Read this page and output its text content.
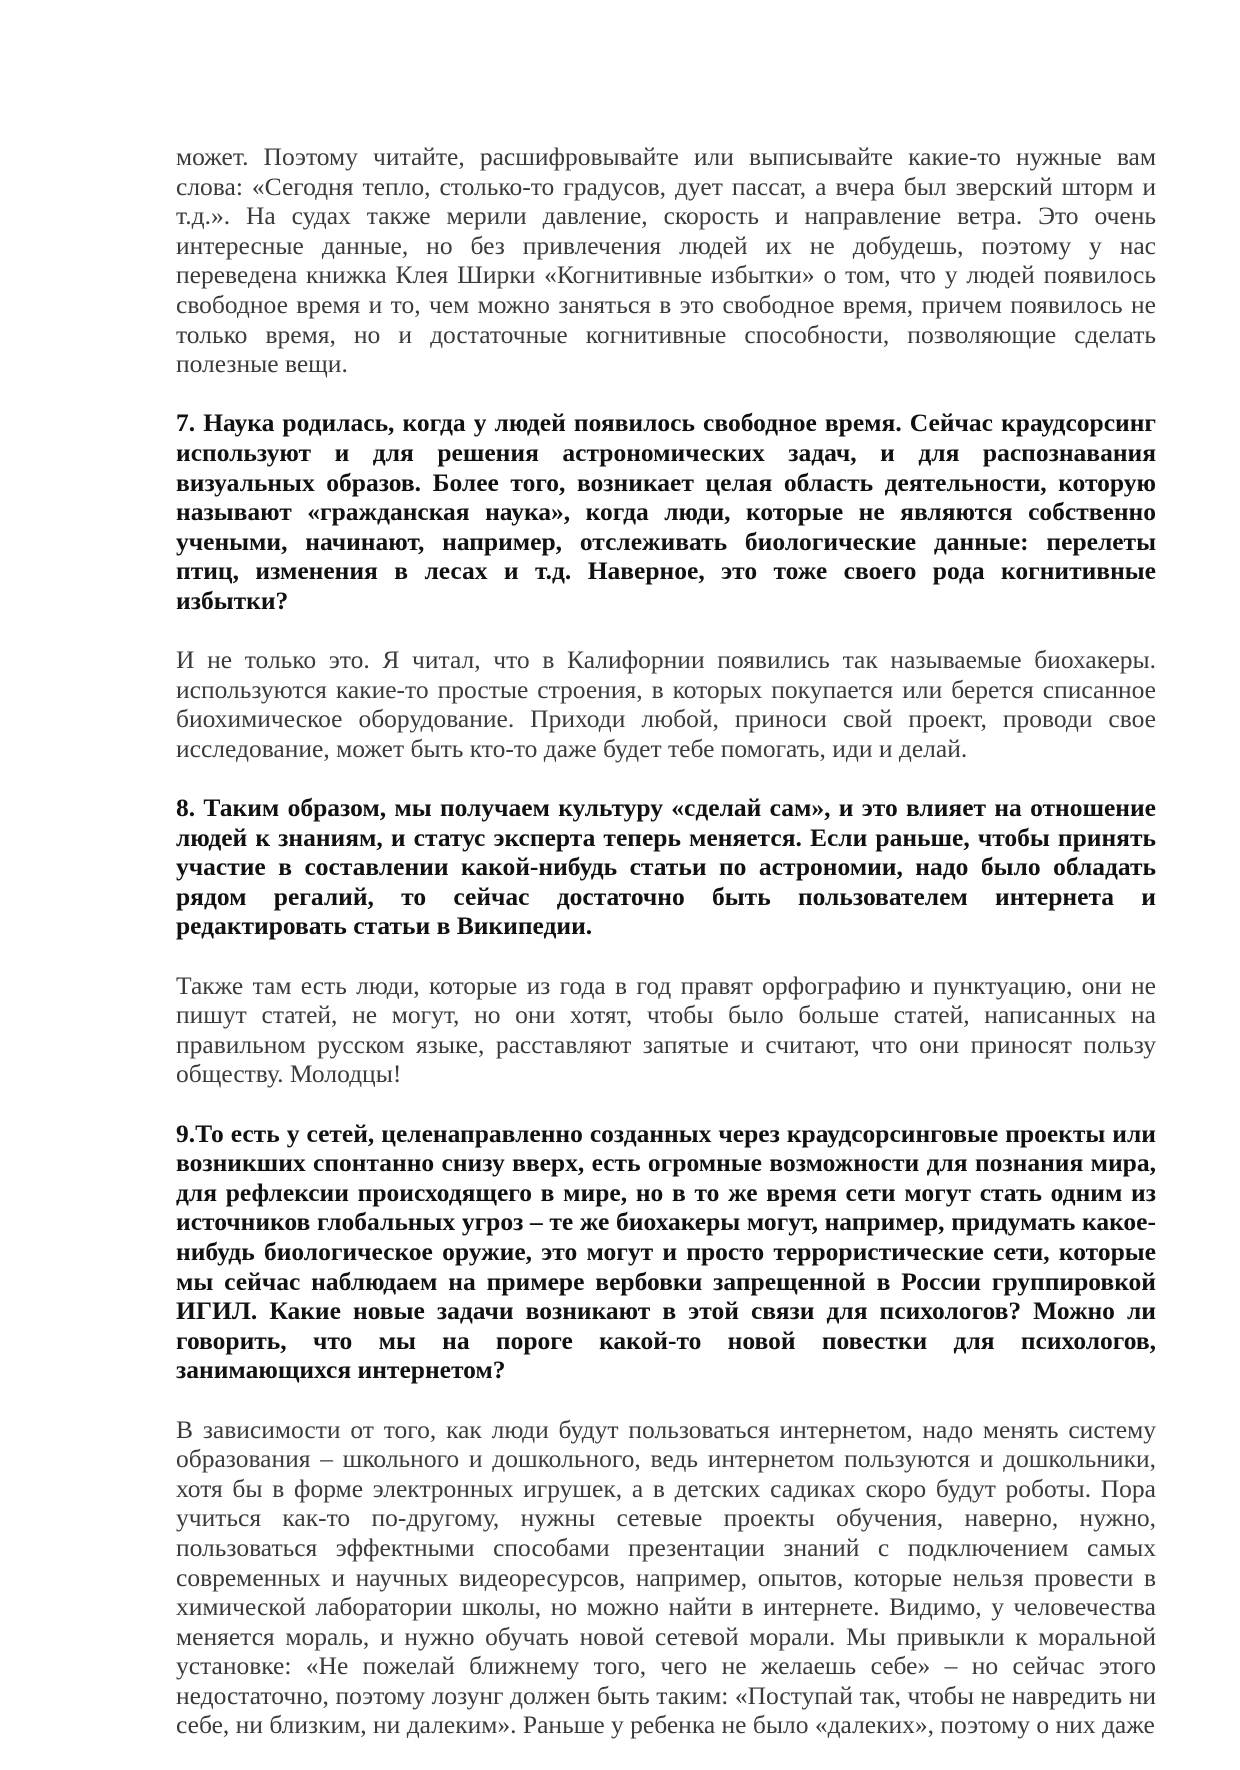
может. Поэтому читайте, расшифровывайте или выписывайте какие-то нужные вам слова: «Сегодня тепло, столько-то градусов, дует пассат, а вчера был зверский шторм и т.д.». На судах также мерили давление, скорость и направление ветра. Это очень интересные данные, но без привлечения людей их не добудешь, поэтому у нас переведена книжка Клея Ширки «Когнитивные избытки» о том, что у людей появилось свободное время и то, чем можно заняться в это свободное время, причем появилось не только время, но и достаточные когнитивные способности, позволяющие сделать полезные вещи.

7. Наука родилась, когда у людей появилось свободное время. Сейчас краудсорсинг используют и для решения астрономических задач, и для распознавания визуальных образов. Более того, возникает целая область деятельности, которую называют «гражданская наука», когда люди, которые не являются собственно учеными, начинают, например, отслеживать биологические данные: перелеты птиц, изменения в лесах и т.д. Наверное, это тоже своего рода когнитивные избытки?

И не только это. Я читал, что в Калифорнии появились так называемые биохакеры. используются какие-то простые строения, в которых покупается или берется списанное биохимическое оборудование. Приходи любой, приноси свой проект, проводи свое исследование, может быть кто-то даже будет тебе помогать, иди и делай.

8. Таким образом, мы получаем культуру «сделай сам», и это влияет на отношение людей к знаниям, и статус эксперта теперь меняется. Если раньше, чтобы принять участие в составлении какой-нибудь статьи по астрономии, надо было обладать рядом регалий, то сейчас достаточно быть пользователем интернета и редактировать статьи в Википедии.

Также там есть люди, которые из года в год правят орфографию и пунктуацию, они не пишут статей, не могут, но они хотят, чтобы было больше статей, написанных на правильном русском языке, расставляют запятые и считают, что они приносят пользу обществу. Молодцы!

9.То есть у сетей, целенаправленно созданных через краудсорсинговые проекты или возникших спонтанно снизу вверх, есть огромные возможности для познания мира, для рефлексии происходящего в мире, но в то же время сети могут стать одним из источников глобальных угроз – те же биохакеры могут, например, придумать какое-нибудь биологическое оружие, это могут и просто террористические сети, которые мы сейчас наблюдаем на примере вербовки запрещенной в России группировкой ИГИЛ. Какие новые задачи возникают в этой связи для психологов? Можно ли говорить, что мы на пороге какой-то новой повестки для психологов, занимающихся интернетом?

В зависимости от того, как люди будут пользоваться интернетом, надо менять систему образования – школьного и дошкольного, ведь интернетом пользуются и дошкольники, хотя бы в форме электронных игрушек, а в детских садиках скоро будут роботы. Пора учиться как-то по-другому, нужны сетевые проекты обучения, наверно, нужно, пользоваться эффектными способами презентации знаний с подключением самых современных и научных видеоресурсов, например, опытов, которые нельзя провести в химической лаборатории школы, но можно найти в интернете. Видимо, у человечества меняется мораль, и нужно обучать новой сетевой морали. Мы привыкли к моральной установке: «Не пожелай ближнему того, чего не желаешь себе» – но сейчас этого недостаточно, поэтому лозунг должен быть таким: «Поступай так, чтобы не навредить ни себе, ни близким, ни далеким». Раньше у ребенка не было «далеких», поэтому о них даже
